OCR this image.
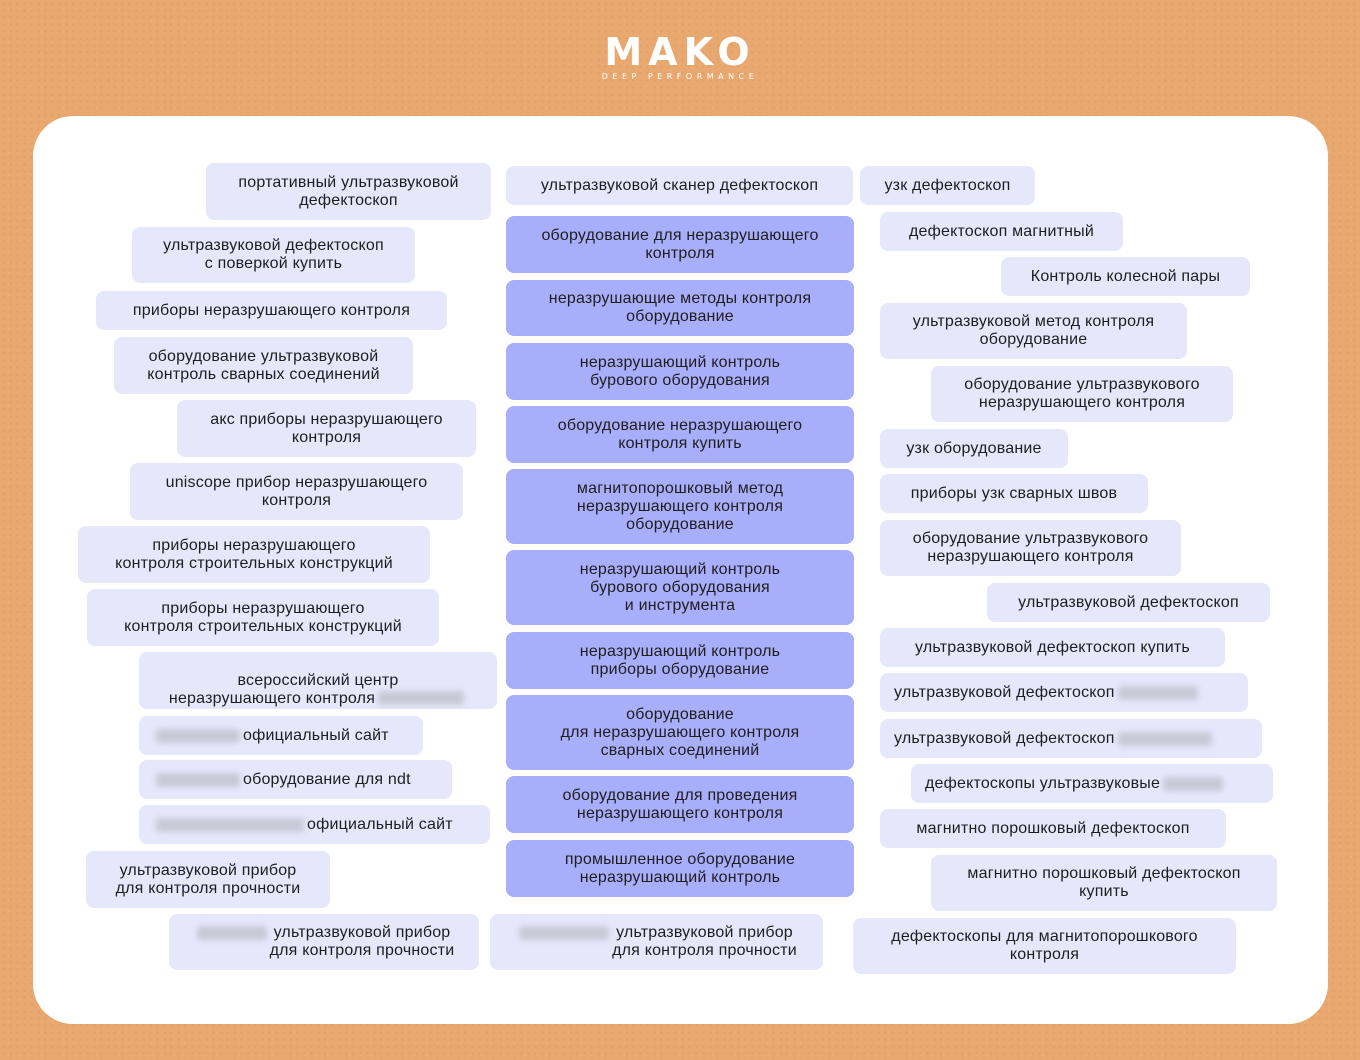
MAKO
DEEP PERFORMANCE
портативный ультразвуковой
дефектоскоп
ультразвуковой дефектоскоп
с поверкой купить
приборы неразрушающего контроля
оборудование ультразвуковой
контроль сварных соединений
акс приборы неразрушающего
контроля
uniscope прибор неразрушающего
контроля
приборы неразрушающего
контроля строительных конструкций
приборы неразрушающего
контроля строительных конструкций

всероссийский центр
неразрушающего контроля

официальный сайт
оборудование для ndt
официальный сайт
ультразвуковой прибор
для контроля прочности
ультразвуковой прибор
для контроля прочности
ультразвуковой сканер дефектоскоп
оборудование для неразрушающего
контроля
неразрушающие методы контроля
оборудование
неразрушающий контроль
бурового оборудования
оборудование неразрушающего
контроля купить
магнитопорошковый метод
неразрушающего контроля
оборудование
неразрушающий контроль
бурового оборудования
и инструмента
неразрушающий контроль
приборы оборудование
оборудование
для неразрушающего контроля
сварных соединений
оборудование для проведения
неразрушающего контроля
промышленное оборудование
неразрушающий контроль
ультразвуковой прибор
для контроля прочности
узк дефектоскоп
дефектоскоп магнитный
Контроль колесной пары
ультразвуковой метод контроля
оборудование
оборудование ультразвукового
неразрушающего контроля
узк оборудование
приборы узк сварных швов
оборудование ультразвукового
неразрушающего контроля
ультразвуковой дефектоскоп
ультразвуковой дефектоскоп купить
ультразвуковой дефектоскоп
ультразвуковой дефектоскоп
дефектоскопы ультразвуковые
магнитно порошковый дефектоскоп
магнитно порошковый дефектоскоп
купить
дефектоскопы для магнитопорошкового
контроля
